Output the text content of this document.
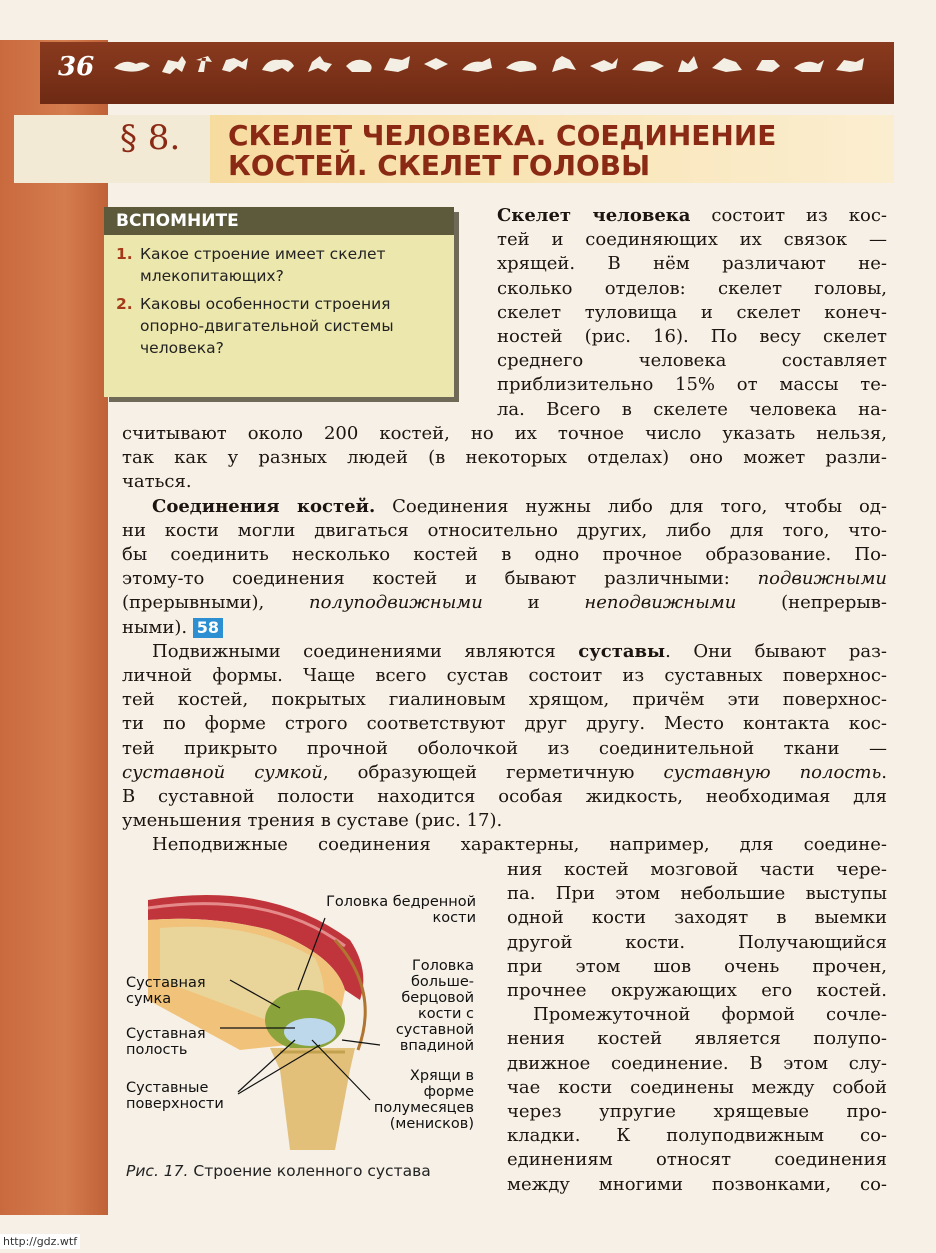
36
§ 8. СКЕЛЕТ ЧЕЛОВЕКА. СОЕДИНЕНИЕ
КОСТЕЙ. СКЕЛЕТ ГОЛОВЫ
ВСПОМНИТЕ
1. Какое строение имеет скелет млекопитающих?
2. Каковы особенности строения опорно-двигательной системы человека?
Скелет человека состоит из кос-
тей и соединяющих их связок —
хрящей. В нём различают не-
сколько отделов: скелет головы,
скелет туловища и скелет конеч-
ностей (рис. 16). По весу скелет
среднего человека составляет
приблизительно 15% от массы те-
ла. Всего в скелете человека на-
считывают около 200 костей, но их точное число указать нельзя,
так как у разных людей (в некоторых отделах) оно может разли-
чаться.
Соединения костей. Соединения нужны либо для того, чтобы од-
ни кости могли двигаться относительно других, либо для того, что-
бы соединить несколько костей в одно прочное образование. По-
этому-то соединения костей и бывают различными: подвижными
(прерывными), полуподвижными и неподвижными (непрерыв-
ными). 58
Подвижными соединениями являются суставы. Они бывают раз-
личной формы. Чаще всего сустав состоит из суставных поверхнос-
тей костей, покрытых гиалиновым хрящом, причём эти поверхнос-
ти по форме строго соответствуют друг другу. Место контакта кос-
тей прикрыто прочной оболочкой из соединительной ткани —
суставной сумкой, образующей герметичную суставную полость.
В суставной полости находится особая жидкость, необходимая для
уменьшения трения в суставе (рис. 17).
Неподвижные соединения характерны, например, для соедине-
ния костей мозговой части чере-
па. При этом небольшие выступы
одной кости заходят в выемки
другой кости. Получающийся
при этом шов очень прочен,
прочнее окружающих его костей.
Промежуточной формой сочле-
нения костей является полупо-
движное соединение. В этом слу-
чае кости соединены между собой
через упругие хрящевые про-
кладки. К полуподвижным со-
единениям относят соединения
между многими позвонками, со-
Головка бедренной кости
Головка больше- берцовой кости с суставной впадиной
Суставная сумка
Суставная полость
Суставные поверхности
Хрящи в форме полумесяцев (менисков)
Рис. 17. Строение коленного сустава
http://gdz.wtf
